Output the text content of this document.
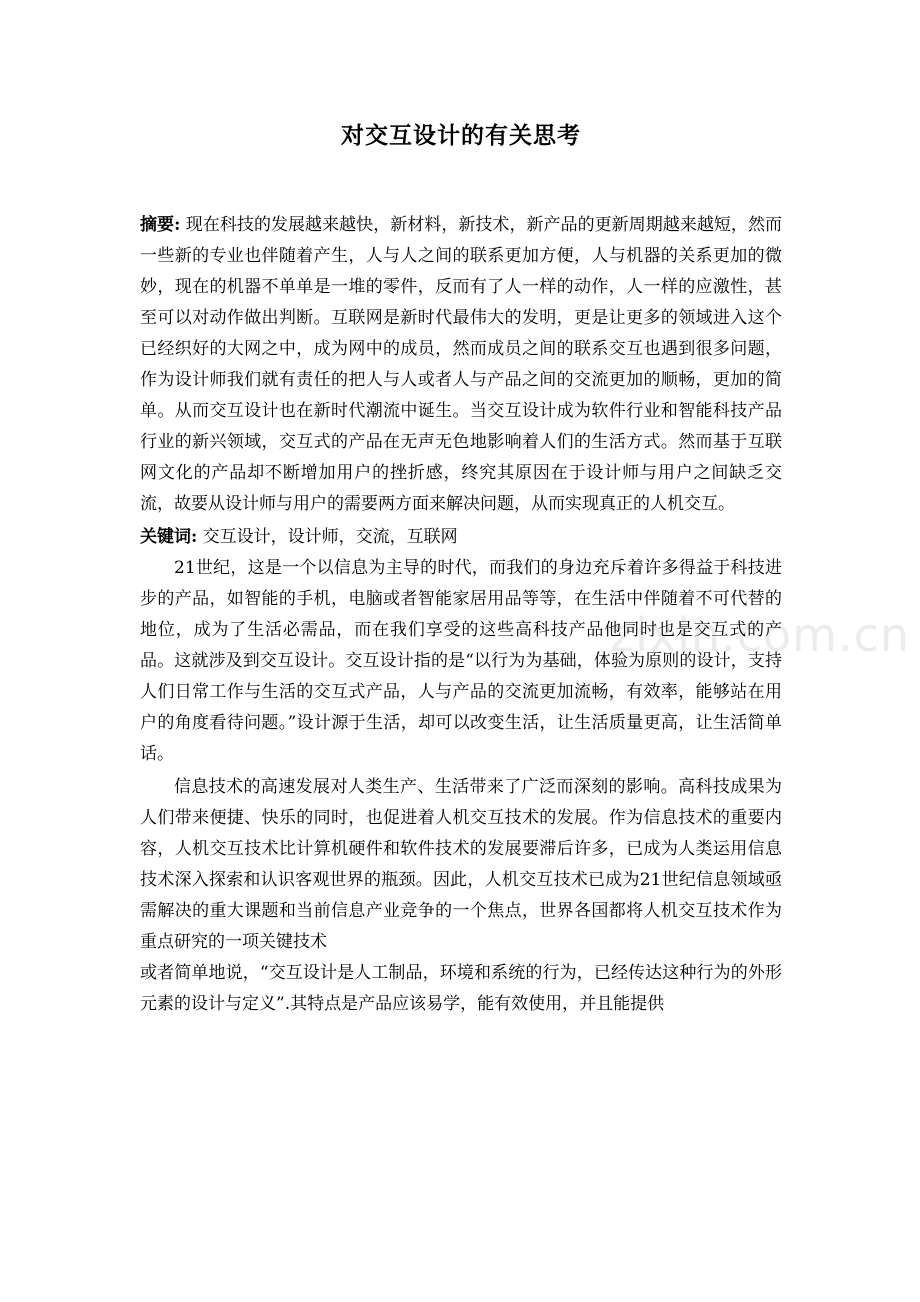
对交互设计的有关思考
zixin.com.cn

摘要: 现在科技的发展越来越快，新材料，新技术，新产品的更新周期越来越短，然而一些新的专业也伴随着产生，人与人之间的联系更加方便，人与机器的关系更加的微妙，现在的机器不单单是一堆的零件，反而有了人一样的动作，人一样的应激性，甚至可以对动作做出判断。互联网是新时代最伟大的发明，更是让更多的领域进入这个已经织好的大网之中，成为网中的成员，然而成员之间的联系交互也遇到很多问题，作为设计师我们就有责任的把人与人或者人与产品之间的交流更加的顺畅，更加的简单。从而交互设计也在新时代潮流中诞生。当交互设计成为软件行业和智能科技产品行业的新兴领域，交互式的产品在无声无色地影响着人们的生活方式。然而基于互联网文化的产品却不断增加用户的挫折感，终究其原因在于设计师与用户之间缺乏交流，故要从设计师与用户的需要两方面来解决问题，从而实现真正的人机交互。

关键词: 交互设计，设计师，交流，互联网

21世纪，这是一个以信息为主导的时代，而我们的身边充斥着许多得益于科技进步的产品，如智能的手机，电脑或者智能家居用品等等，在生活中伴随着不可代替的地位，成为了生活必需品，而在我们享受的这些高科技产品他同时也是交互式的产品。这就涉及到交互设计。交互设计指的是“以行为为基础，体验为原则的设计，支持人们日常工作与生活的交互式产品，人与产品的交流更加流畅，有效率，能够站在用户的角度看待问题。”设计源于生活，却可以改变生活，让生活质量更高，让生活简单话。

信息技术的高速发展对人类生产、生活带来了广泛而深刻的影响。高科技成果为人们带来便捷、快乐的同时，也促进着人机交互技术的发展。作为信息技术的重要内容，人机交互技术比计算机硬件和软件技术的发展要滞后许多，已成为人类运用信息技术深入探索和认识客观世界的瓶颈。因此，人机交互技术已成为21世纪信息领域亟需解决的重大课题和当前信息产业竞争的一个焦点，世界各国都将人机交互技术作为重点研究的一项关键技术

或者简单地说，“交互设计是人工制品，环境和系统的行为，已经传达这种行为的外形元素的设计与定义”.其特点是产品应该易学，能有效使用，并且能提供
